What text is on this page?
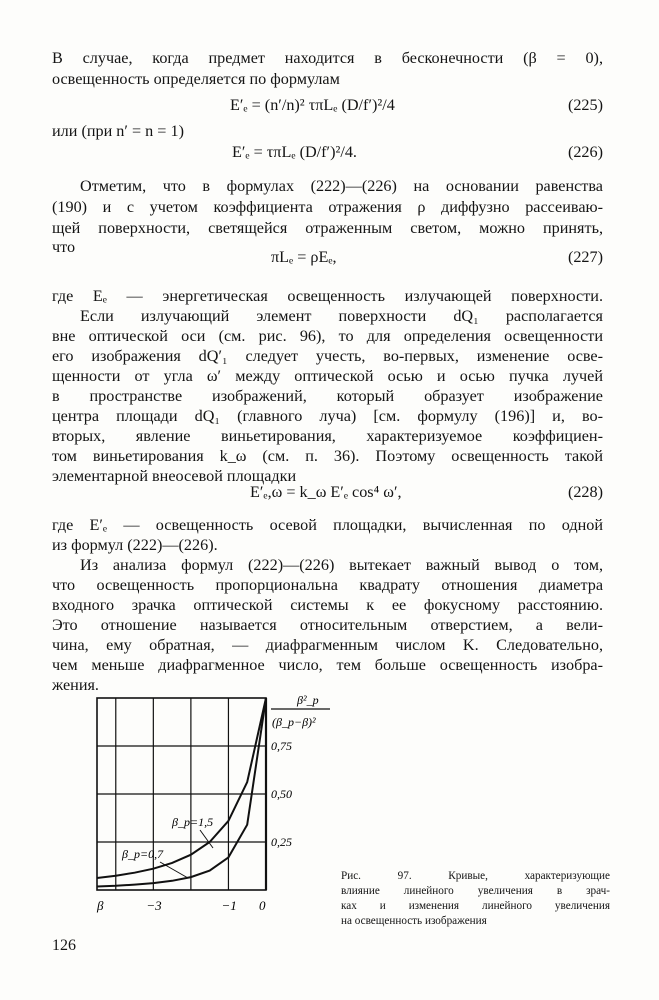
В случае, когда предмет находится в бесконечности (β = 0),
освещенность определяется по формулам
E′ₑ = (n′/n)² τπLₑ (D/f′)²/4	(225)
или (при n′ = n = 1)
E′ₑ = τπLₑ (D/f′)²/4.	(226)
Отметим, что в формулах (222)—(226) на основании равенства
(190) и с учетом коэффициента отражения ρ диффузно рассеиваю-
щей поверхности, светящейся отраженным светом, можно принять,
что
πLₑ = ρEₑ,	(227)
где Eₑ — энергетическая освещенность излучающей поверхности.
Если излучающий элемент поверхности dQ₁ располагается
вне оптической оси (см. рис. 96), то для определения освещенности
его изображения dQ′₁ следует учесть, во-первых, изменение осве-
щенности от угла ω′ между оптической осью и осью пучка лучей
в пространстве изображений, который образует изображение
центра площади dQ₁ (главного луча) [см. формулу (196)] и, во-
вторых, явление виньетирования, характеризуемое коэффициен-
том виньетирования k_ω (см. п. 36). Поэтому освещенность такой
элементарной внеосевой площадки
E′ₑ,ω = k_ω E′ₑ cos⁴ ω′,	(228)
где E′ₑ — освещенность осевой площадки, вычисленная по одной
из формул (222)—(226).
Из анализа формул (222)—(226) вытекает важный вывод о том,
что освещенность пропорциональна квадрату отношения диаметра
входного зрачка оптической системы к ее фокусному расстоянию.
Это отношение называется относительным отверстием, а вели-
чина, ему обратная, — диафрагменным числом K. Следовательно,
чем меньше диафрагменное число, тем больше освещенность изобра-
жения.
β²_p
(β_p−β)²
0,75
0,50
0,25
β	−3	−1 0
β_p=1,5
β_p=0,7
Рис. 97. Кривые, характеризующие
влияние линейного увеличения в зрач-
ках и изменения линейного увеличения
на освещенность изображения
126
